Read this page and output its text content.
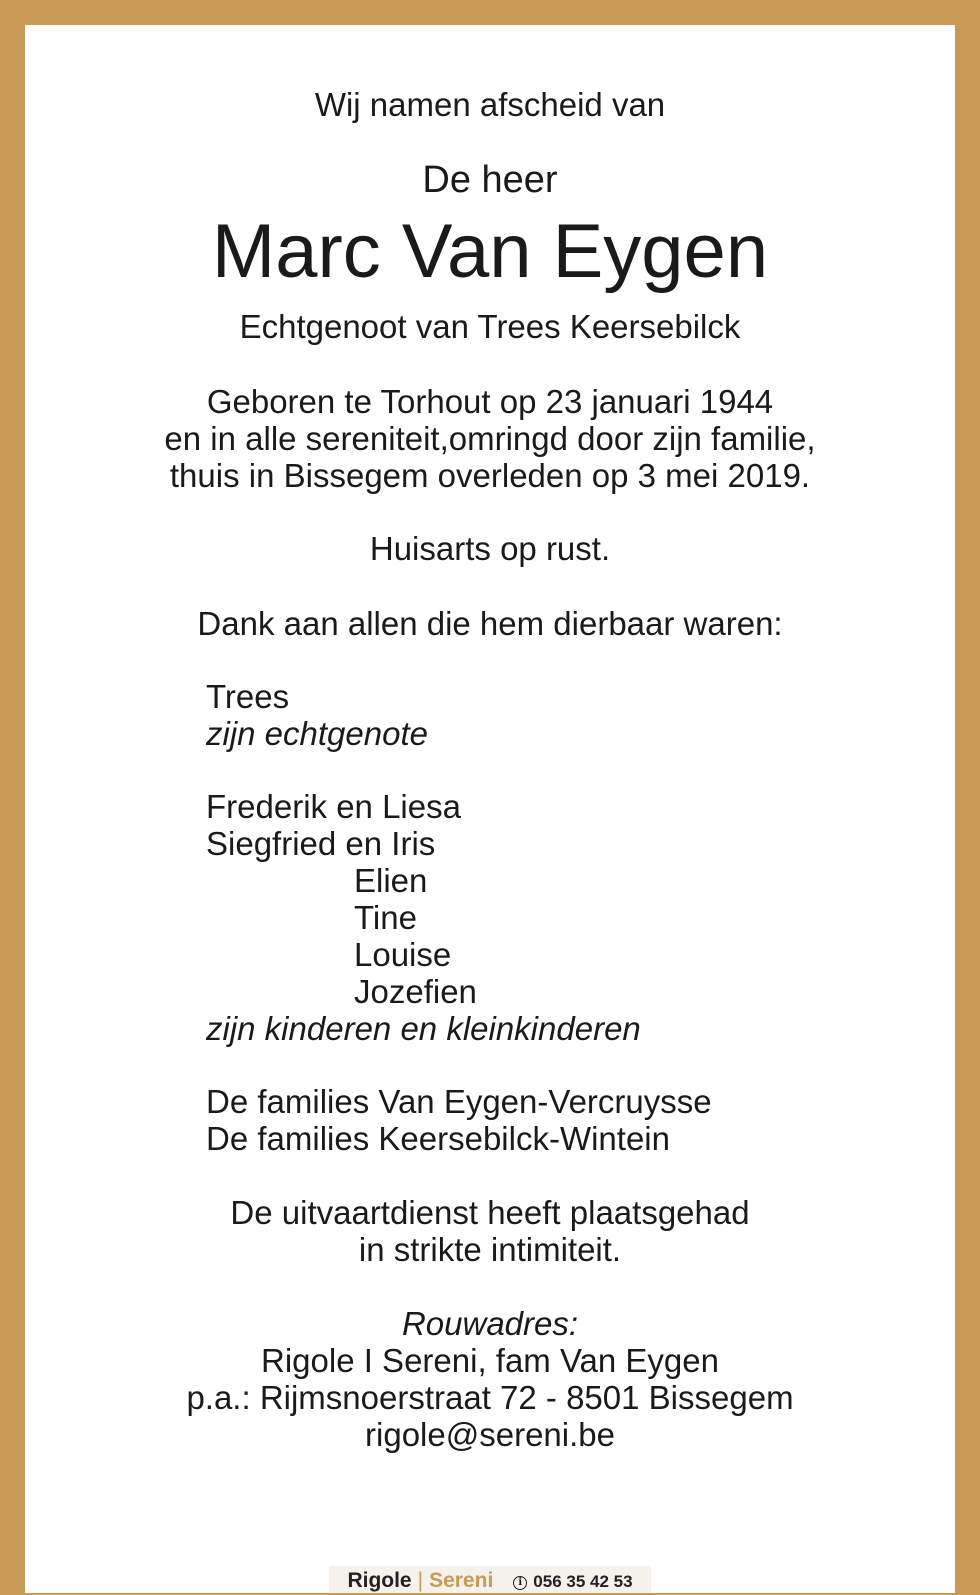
Wij namen afscheid van
De heer
Marc Van Eygen
Echtgenoot van Trees Keersebilck
Geboren te Torhout op 23 januari 1944
en in alle sereniteit,omringd door zijn familie,
thuis in Bissegem overleden op 3 mei 2019.
Huisarts op rust.
Dank aan allen die hem dierbaar waren:
Trees
zijn echtgenote
Frederik en Liesa
Siegfried en Iris
Elien
Tine
Louise
Jozefien
zijn kinderen en kleinkinderen
De families Van Eygen-Vercruysse
De families Keersebilck-Wintein
De uitvaartdienst heeft plaatsgehad
in strikte intimiteit.
Rouwadres:
Rigole I Sereni, fam Van Eygen
p.a.: Rijmsnoerstraat 72 - 8501 Bissegem
rigole@sereni.be
Rigole | Sereni	i 056 35 42 53
